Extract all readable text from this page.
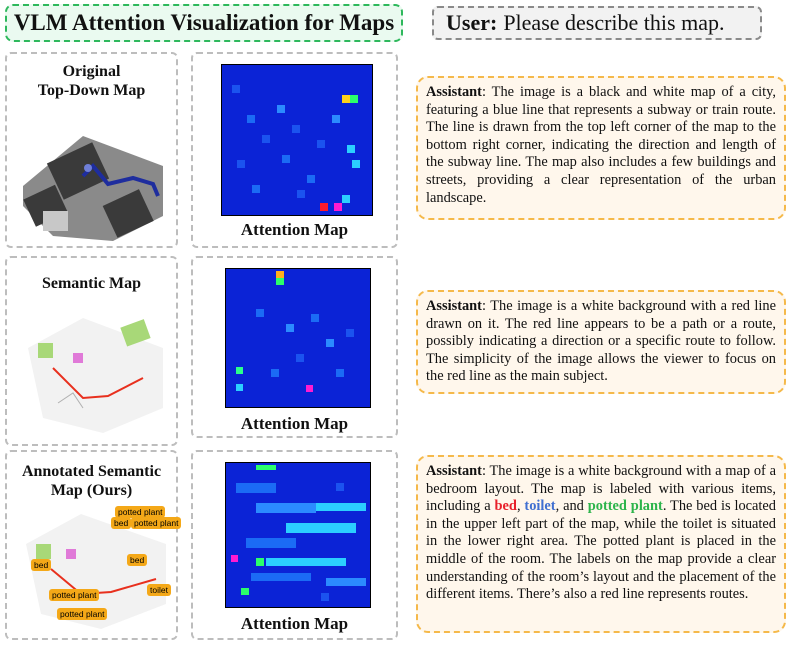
VLM Attention Visualization for Maps User: Please describe this map.
Original
Top-Down Map
Attention Map
Assistant: The image is a black and white map of a city, featuring a blue line that represents a subway or train route. The line is drawn from the top left corner of the map to the bottom right corner, indicating the direction and length of the subway line. The map also includes a few buildings and streets, providing a clear representation of the urban landscape.
Semantic Map
Attention Map
Assistant: The image is a white background with a red line drawn on it. The red line appears to be a path or a route, possibly indicating a direction or a specific route to follow. The simplicity of the image allows the viewer to focus on the red line as the main subject.
Annotated Semantic
Map (Ours)
potted plant
bed potted plant
bed	bed
toilet
potted plant
potted plant	Attention Map
Assistant: The image is a white background with a map of a bedroom layout. The map is labeled with various items, including a bed, toilet, and potted plant. The bed is located in the upper left part of the map, while the toilet is situated in the lower right area. The potted plant is placed in the middle of the room. The labels on the map provide a clear understanding of the room’s layout and the placement of the different items. There’s also a red line represents routes.
